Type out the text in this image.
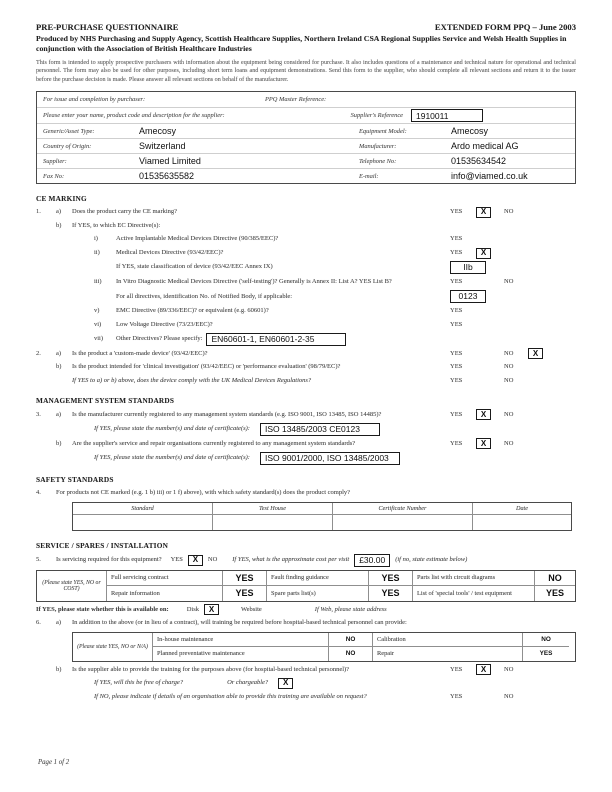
PRE-PURCHASE QUESTIONNAIRE	EXTENDED FORM PPQ – June 2003
Produced by NHS Purchasing and Supply Agency, Scottish Healthcare Supplies, Northern Ireland CSA Regional Supplies Service and Welsh Health Supplies in conjunction with the Association of British Healthcare Industries
This form is intended to supply prospective purchasers with information about the equipment being considered for purchase. It also includes questions of a maintenance and technical nature for operational and technical personnel. The form may also be used for other purposes, including short term loans and equipment demonstrations. Send this form to the supplier, who should complete all relevant sections and return it to the issuer before the purchase decision is made. Please answer all relevant sections on behalf of the manufacturer.
For issue and completion by purchaser:	PPQ Master Reference:
Please enter your name, product code and description for the supplier:	Supplier's Reference	1910011
Generic/Asset Type:	Amecosy	Equipment Model:	Amecosy
Country of Origin:	Switzerland	Manufacturer:	Ardo medical AG
Supplier:	Viamed Limited	Telephone No:	01535634542
Fax No:	01535635582	E-mail:	info@viamed.co.uk
CE MARKING
1.	a)	Does the product carry the CE marking?	YES	X	NO
b)	If YES, to which EC Directive(s):
i)	Active Implantable Medical Devices Directive (90/385/EEC)?	YES
ii)	Medical Devices Directive (93/42/EEC)?	YES	X
If YES, state classification of device (93/42/EEC Annex IX)	IIb
iii)	In Vitro Diagnostic Medical Devices Directive ('self-testing')? Generally is Annex II: List A? YES List B?	YES	NO
For all directives, identification No. of Notified Body, if applicable:	0123
v)	EMC Directive (89/336/EEC)? or equivalent (e.g. 60601)?	YES
vi)	Low Voltage Directive (73/23/EEC)?	YES
vii)	Other Directives? Please specify:	EN60601-1, EN60601-2-35
2.	a)	Is the product a 'custom-made device' (93/42/EEC)?	YES	NO	X
b)	Is the product intended for 'clinical investigation' (93/42/EEC) or 'performance evaluation' (98/79/EC)?	YES	NO
If YES to a) or b) above, does the device comply with the UK Medical Devices Regulations?	YES	NO
MANAGEMENT SYSTEM STANDARDS
3.	a)	Is the manufacturer currently registered to any management system standards (e.g. ISO 9001, ISO 13485, ISO 14485)?	YES	X	NO
If YES, please state the number(s) and date of certificate(s):	ISO 13485/2003 CE0123
b)	Are the supplier's service and repair organisations currently registered to any management system standards?	YES	X	NO
If YES, please state the number(s) and date of certificate(s):	ISO 9001/2000, ISO 13485/2003
SAFETY STANDARDS
4.	For products not CE marked (e.g. 1 b) iii) or 1 f) above), with which safety standard(s) does the product comply?
Standard	Test House	Certificate Number	Date
SERVICE / SPARES / INSTALLATION
5.	Is servicing required for this equipment?	YES	X	NO If YES, what is the approximate cost per visit	£30.00	(if no, state estimate below)
(Please state YES, NO or COST)
Full servicing contract	YES	Fault finding guidance	YES	Parts list with circuit diagrams	NO
Repair information	YES	Spare parts list(s)	YES	List of 'special tools' / test equipment	YES
If YES, please state whether this is available on:	Disk	X	Website	If Web, please state address
6.	a)	In addition to the above (or in lieu of a contract), will training be required before hospital-based technical personnel can provide:
(Please state YES, NO or N/A)
In-house maintenance	NO	Calibration	NO
Planned preventative maintenance	NO	Repair	YES
b)	Is the supplier able to provide the training for the purposes above (for hospital-based technical personnel)?	YES	X	NO
If YES, will this be free of charge?	Or chargeable?	X
If NO, please indicate if details of an organisation able to provide this training are available on request?	YES	NO
Page 1 of 2
